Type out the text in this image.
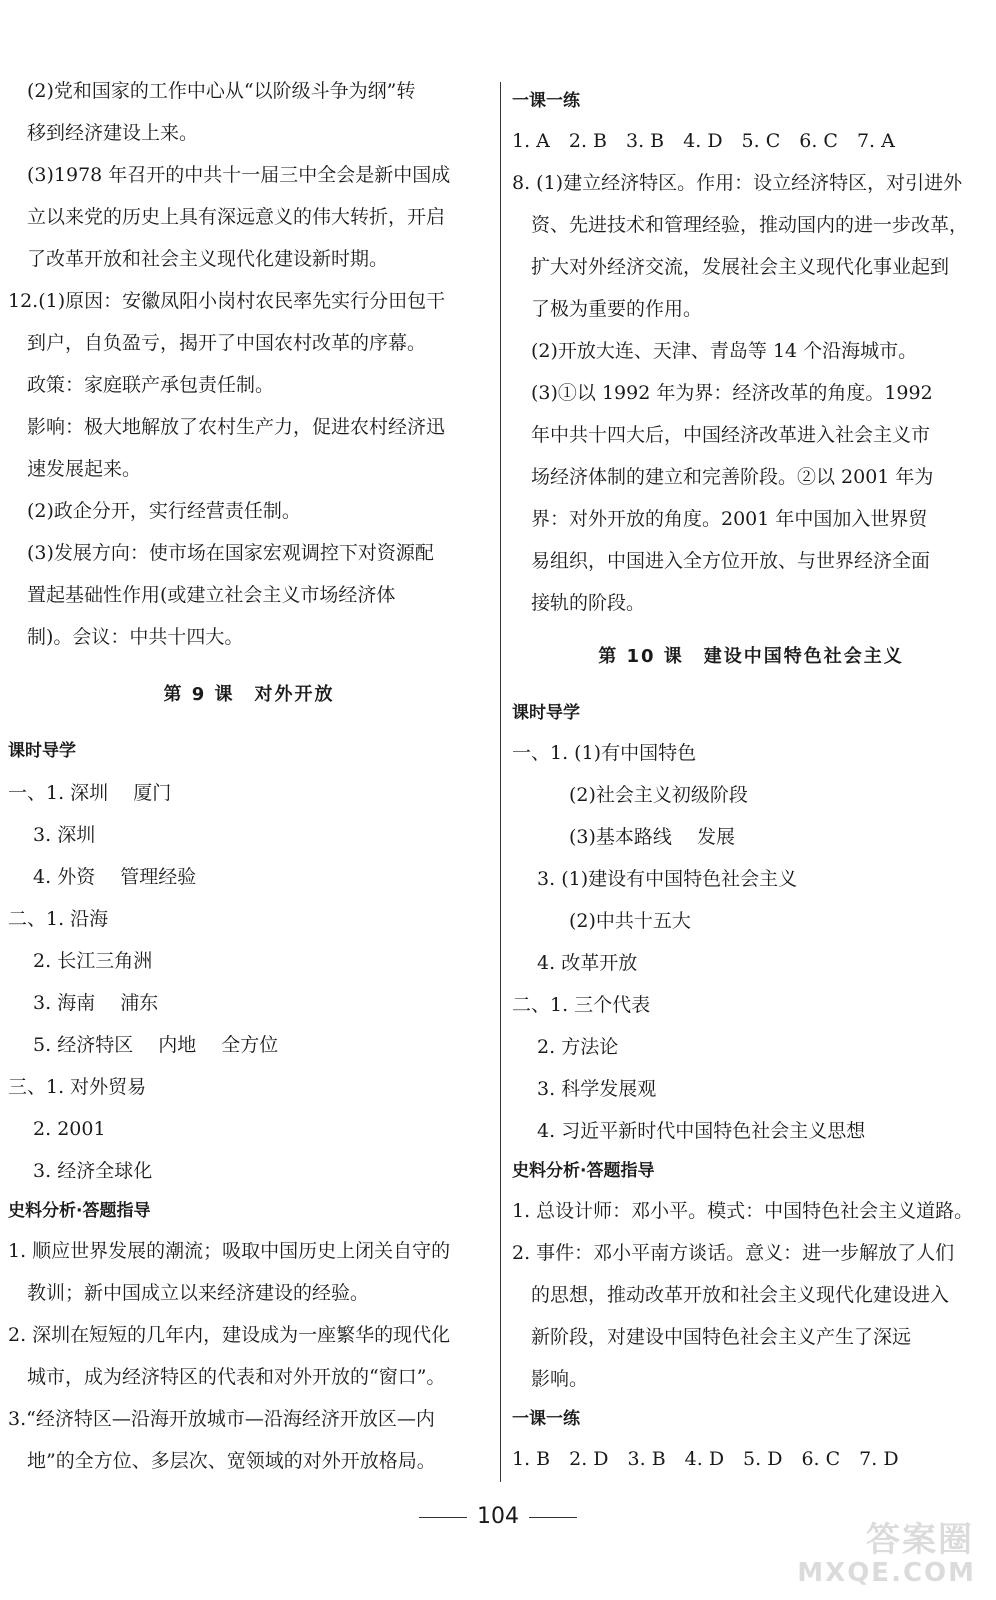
　(2)党和国家的工作中心从“以阶级斗争为纲”转
　移到经济建设上来。
　(3)1978 年召开的中共十一届三中全会是新中国成
　立以来党的历史上具有深远意义的伟大转折，开启
　了改革开放和社会主义现代化建设新时期。
12.(1)原因：安徽凤阳小岗村农民率先实行分田包干
　到户，自负盈亏，揭开了中国农村改革的序幕。
　政策：家庭联产承包责任制。
　影响：极大地解放了农村生产力，促进农村经济迅
　速发展起来。
　(2)政企分开，实行经营责任制。
　(3)发展方向：使市场在国家宏观调控下对资源配
　置起基础性作用(或建立社会主义市场经济体
　制)。会议：中共十四大。
第 9 课　对外开放
课时导学
一、1. 深圳　 厦门
　 3. 深圳
　 4. 外资　 管理经验
二、1. 沿海
　 2. 长江三角洲
　 3. 海南　 浦东
　 5. 经济特区　 内地　 全方位
三、1. 对外贸易
　 2. 2001
　 3. 经济全球化
史料分析·答题指导
1. 顺应世界发展的潮流；吸取中国历史上闭关自守的
　教训；新中国成立以来经济建设的经验。
2. 深圳在短短的几年内，建设成为一座繁华的现代化
　城市，成为经济特区的代表和对外开放的“窗口”。
3.“经济特区—沿海开放城市—沿海经济开放区—内
　地”的全方位、多层次、宽领域的对外开放格局。
一课一练
1. A　2. B　3. B　4. D　5. C　6. C　7. A
8. (1)建立经济特区。作用：设立经济特区，对引进外
　资、先进技术和管理经验，推动国内的进一步改革，
　扩大对外经济交流，发展社会主义现代化事业起到
　了极为重要的作用。
　(2)开放大连、天津、青岛等 14 个沿海城市。
　(3)①以 1992 年为界：经济改革的角度。1992
　年中共十四大后，中国经济改革进入社会主义市
　场经济体制的建立和完善阶段。②以 2001 年为
　界：对外开放的角度。2001 年中国加入世界贸
　易组织，中国进入全方位开放、与世界经济全面
　接轨的阶段。
第 10 课　建设中国特色社会主义
课时导学
一、1. (1)有中国特色
　　　(2)社会主义初级阶段
　　　(3)基本路线　 发展
　 3. (1)建设有中国特色社会主义
　　　(2)中共十五大
　 4. 改革开放
二、1. 三个代表
　 2. 方法论
　 3. 科学发展观
　 4. 习近平新时代中国特色社会主义思想
史料分析·答题指导
1. 总设计师：邓小平。模式：中国特色社会主义道路。
2. 事件：邓小平南方谈话。意义：进一步解放了人们
　的思想，推动改革开放和社会主义现代化建设进入
　新阶段，对建设中国特色社会主义产生了深远
　影响。
一课一练
1. B　2. D　3. B　4. D　5. D　6. C　7. D
104
答案圈
MXQE.COM
